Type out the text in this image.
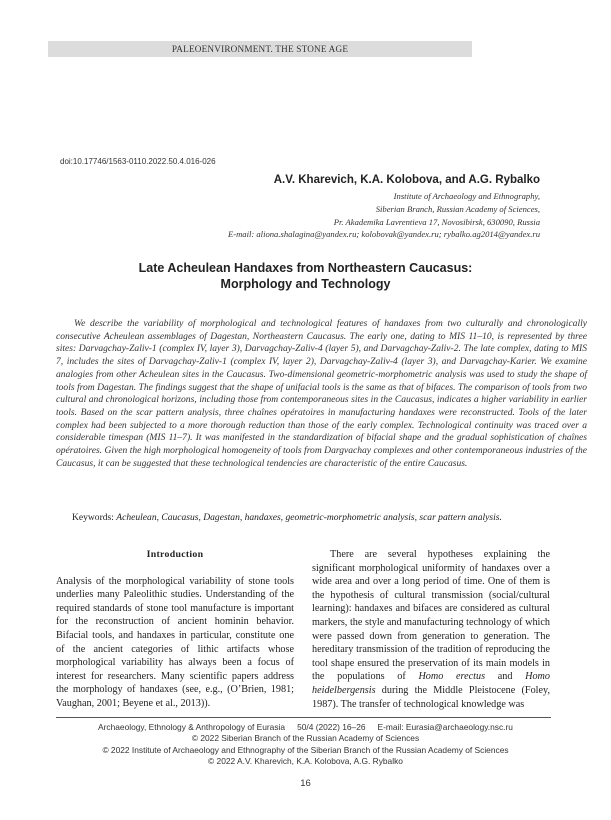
PALEOENVIRONMENT. THE STONE AGE
doi:10.17746/1563-0110.2022.50.4.016-026
A.V. Kharevich, K.A. Kolobova, and A.G. Rybalko
Institute of Archaeology and Ethnography,
Siberian Branch, Russian Academy of Sciences,
Pr. Akademika Lavrentieva 17, Novosibirsk, 630090, Russia
E-mail: aliona.shalagina@yandex.ru; kolobovak@yandex.ru; rybalko.ag2014@yandex.ru
Late Acheulean Handaxes from Northeastern Caucasus:
Morphology and Technology
We describe the variability of morphological and technological features of handaxes from two culturally and chronologically consecutive Acheulean assemblages of Dagestan, Northeastern Caucasus. The early one, dating to MIS 11–10, is represented by three sites: Darvagchay-Zaliv-1 (complex IV, layer 3), Darvagchay-Zaliv-4 (layer 5), and Darvagchay-Zaliv-2. The late complex, dating to MIS 7, includes the sites of Darvagchay-Zaliv-1 (complex IV, layer 2), Darvagchay-Zaliv-4 (layer 3), and Darvagchay-Karier. We examine analogies from other Acheulean sites in the Caucasus. Two-dimensional geometric-morphometric analysis was used to study the shape of tools from Dagestan. The findings suggest that the shape of unifacial tools is the same as that of bifaces. The comparison of tools from two cultural and chronological horizons, including those from contemporaneous sites in the Caucasus, indicates a higher variability in earlier tools. Based on the scar pattern analysis, three chaînes opératoires in manufacturing handaxes were reconstructed. Tools of the later complex had been subjected to a more thorough reduction than those of the early complex. Technological continuity was traced over a considerable timespan (MIS 11–7). It was manifested in the standardization of bifacial shape and the gradual sophistication of chaînes opératoires. Given the high morphological homogeneity of tools from Dargvachay complexes and other contemporaneous industries of the Caucasus, it can be suggested that these technological tendencies are characteristic of the entire Caucasus.
Keywords: Acheulean, Caucasus, Dagestan, handaxes, geometric-morphometric analysis, scar pattern analysis.
Introduction

Analysis of the morphological variability of stone tools underlies many Paleolithic studies. Understanding of the required standards of stone tool manufacture is important for the reconstruction of ancient hominin behavior. Bifacial tools, and handaxes in particular, constitute one of the ancient categories of lithic artifacts whose morphological variability has always been a focus of interest for researchers. Many scientific papers address the morphology of handaxes (see, e.g., (O’Brien, 1981; Vaughan, 2001; Beyene et al., 2013)).

There are several hypotheses explaining the significant morphological uniformity of handaxes over a wide area and over a long period of time. One of them is the hypothesis of cultural transmission (social/cultural learning): handaxes and bifaces are considered as cultural markers, the style and manufacturing technology of which were passed down from generation to generation. The hereditary transmission of the tradition of reproducing the tool shape ensured the preservation of its main models in the populations of Homo erectus and Homo heidelbergensis during the Middle Pleistocene (Foley, 1987). The transfer of technological knowledge was

Archaeology, Ethnology & Anthropology of Eurasia 50/4 (2022) 16–26 E-mail: Eurasia@archaeology.nsc.ru
© 2022 Siberian Branch of the Russian Academy of Sciences
© 2022 Institute of Archaeology and Ethnography of the Siberian Branch of the Russian Academy of Sciences
© 2022 A.V. Kharevich, K.A. Kolobova, A.G. Rybalko
16
